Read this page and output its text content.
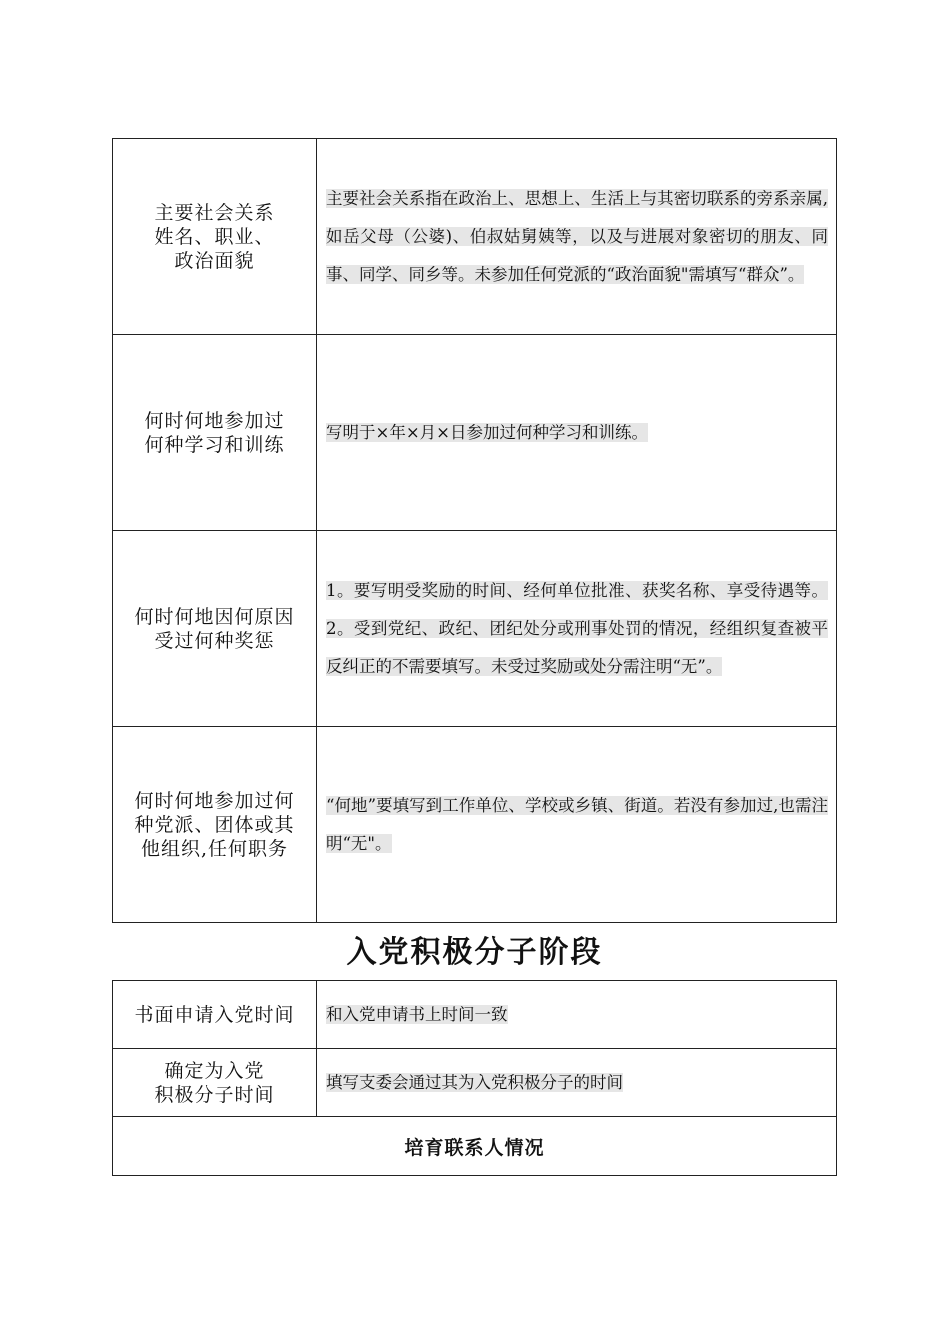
主要社会关系
姓名、职业、
政治面貌	主要社会关系指在政治上、思想上、生活上与其密切联系的旁系亲属,如岳父母（公婆)、伯叔姑舅姨等，以及与进展对象密切的朋友、同事、同学、同乡等。未参加任何党派的“政治面貌"需填写“群众”。

何时何地参加过
何种学习和训练	写明于×年×月×日参加过何种学习和训练。

何时何地因何原因
受过何种奖惩	1。要写明受奖励的时间、经何单位批准、获奖名称、享受待遇等。2。受到党纪、政纪、团纪处分或刑事处罚的情况，经组织复查被平反纠正的不需要填写。未受过奖励或处分需注明“无”。

何时何地参加过何
种党派、团体或其
他组织,任何职务	“何地”要填写到工作单位、学校或乡镇、街道。若没有参加过,也需注明“无"。
入党积极分子阶段
书面申请入党时间	和入党申请书上时间一致

确定为入党
积极分子时间	填写支委会通过其为入党积极分子的时间
培育联系人情况	
